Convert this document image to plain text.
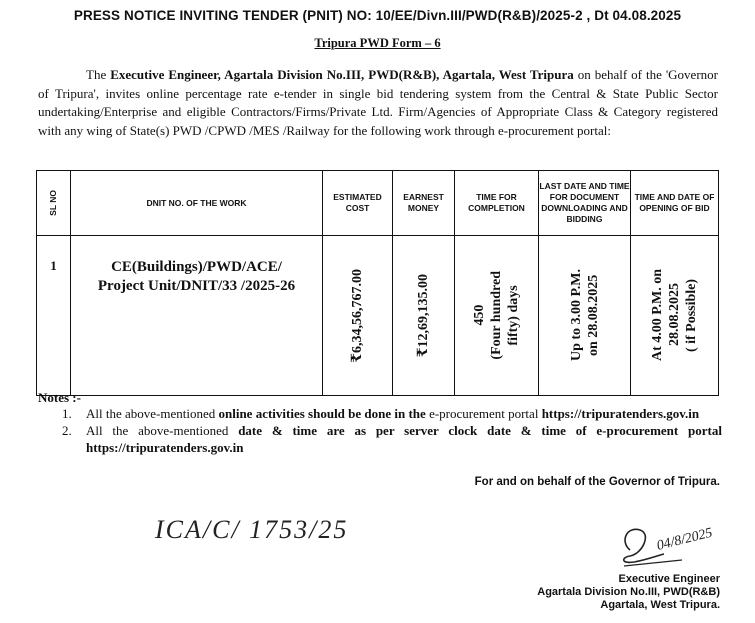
PRESS NOTICE INVITING TENDER (PNIT) NO: 10/EE/Divn.III/PWD(R&B)/2025-2 , Dt 04.08.2025
Tripura PWD Form – 6
The Executive Engineer, Agartala Division No.III, PWD(R&B), Agartala, West Tripura on behalf of the 'Governor of Tripura', invites online percentage rate e-tender in single bid tendering system from the Central & State Public Sector undertaking/Enterprise and eligible Contractors/Firms/Private Ltd. Firm/Agencies of Appropriate Class & Category registered with any wing of State(s) PWD /CPWD /MES /Railway for the following work through e-procurement portal:
SL NO	DNIT NO. OF THE WORK	ESTIMATED COST	EARNEST MONEY	TIME FOR COMPLETION	LAST DATE AND TIME FOR DOCUMENT DOWNLOADING AND BIDDING	TIME AND DATE OF OPENING OF BID
1	CE(Buildings)/PWD/ACE/ Project Unit/DNIT/33 /2025-26	₹6,34,56,767.00	₹12,69,135.00	450 (Four hundred fifty) days	Up to 3.00 P.M. on 28.08.2025	At 4.00 P.M. on 28.08.2025 ( if Possible)
Notes :-
1.	All the above-mentioned online activities should be done in the e-procurement portal https://tripuratenders.gov.in
2.	All the above-mentioned date & time are as per server clock date & time of e-procurement portal https://tripuratenders.gov.in
For and on behalf of the Governor of Tripura.
ICA/C/ 1753/25	04/8/2025
Executive Engineer
Agartala Division No.III, PWD(R&B)
Agartala, West Tripura.
